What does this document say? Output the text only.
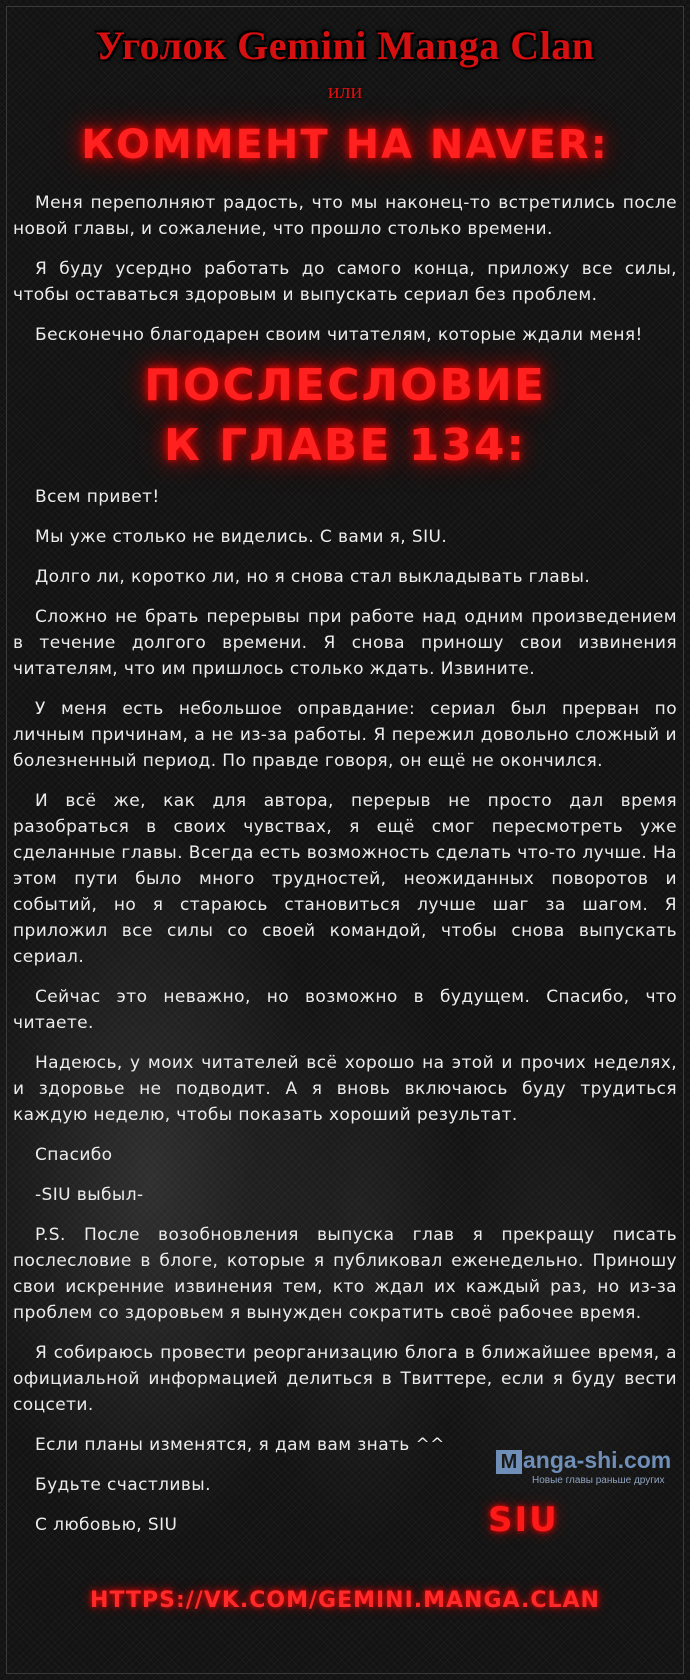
Уголок Gemini Manga Clan
или
КОММЕНТ НА NAVER:

Меня переполняют радость, что мы наконец-то встретились после новой главы, и сожаление, что прошло столько времени.

Я буду усердно работать до самого конца, приложу все силы, чтобы оставаться здоровым и выпускать сериал без проблем.

Бесконечно благодарен своим читателям, которые ждали меня!

ПОСЛЕСЛОВИЕ
К ГЛАВЕ 134:

Всем привет!

Мы уже столько не виделись. С вами я, SIU.

Долго ли, коротко ли, но я снова стал выкладывать главы.

Сложно не брать перерывы при работе над одним произведением в течение долгого времени. Я снова приношу свои извинения читателям, что им пришлось столько ждать. Извините.

У меня есть небольшое оправдание: сериал был прерван по личным причинам, а не из-за работы. Я пережил довольно сложный и болезненный период. По правде говоря, он ещё не окончился.

И всё же, как для автора, перерыв не просто дал время разобраться в своих чувствах, я ещё смог пересмотреть уже сделанные главы. Всегда есть возможность сделать что-то лучше. На этом пути было много трудностей, неожиданных поворотов и событий, но я стараюсь становиться лучше шаг за шагом. Я приложил все силы со своей командой, чтобы снова выпускать сериал.

Сейчас это неважно, но возможно в будущем. Спасибо, что читаете.

Надеюсь, у моих читателей всё хорошо на этой и прочих неделях, и здоровье не подводит. А я вновь включаюсь буду трудиться каждую неделю, чтобы показать хороший результат.

Спасибо

-SIU выбыл-

P.S. После возобновления выпуска глав я прекращу писать послесловие в блоге, которые я публиковал еженедельно. Приношу свои искренние извинения тем, кто ждал их каждый раз, но из-за проблем со здоровьем я вынужден сократить своё рабочее время.

Я собираюсь провести реорганизацию блога в ближайшее время, а официальной информацией делиться в Твиттере, если я буду вести соцсети.

Если планы изменятся, я дам вам знать ^^

Будьте счастливы.

С любовью, SIU

M anga-shi.com
Новые главы раньше других
SIU
HTTPS://VK.COM/GEMINI.MANGA.CLAN
